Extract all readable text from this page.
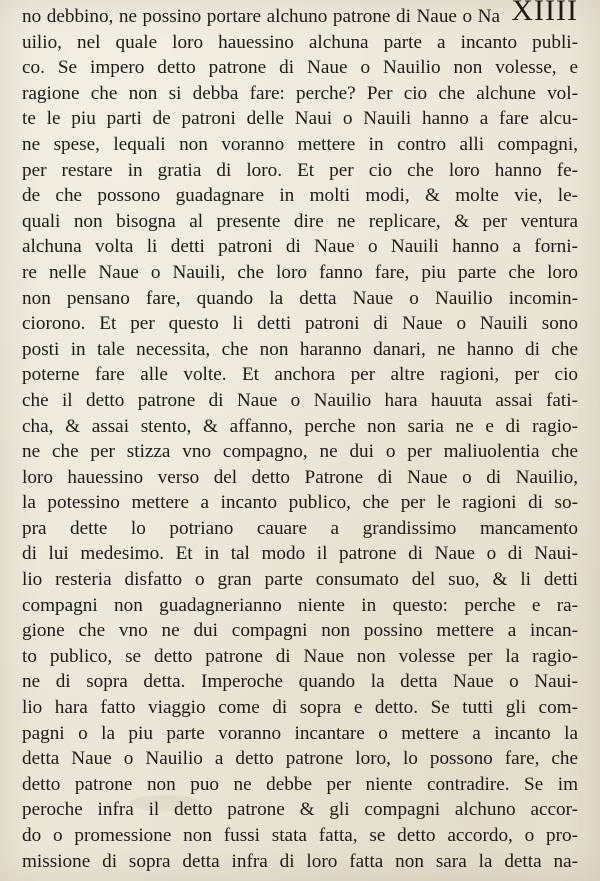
XIIII
no debbino, ne possino portare alchuno patrone di Naue o Na
uilio, nel quale loro hauessino alchuna parte a incanto publi-
co. Se impero detto patrone di Naue o Nauilio non volesse, e
ragione che non si debba fare: perche? Per cio che alchune vol-
te le piu parti de patroni delle Naui o Nauili hanno a fare alcu-
ne spese, lequali non voranno mettere in contro alli compagni,
per restare in gratia di loro. Et per cio che loro hanno fe-
de che possono guadagnare in molti modi, & molte vie, le-
quali non bisogna al presente dire ne replicare, & per ventura
alchuna volta li detti patroni di Naue o Nauili hanno a forni-
re nelle Naue o Nauili, che loro fanno fare, piu parte che loro
non pensano fare, quando la detta Naue o Nauilio incomin-
ciorono. Et per questo li detti patroni di Naue o Nauili sono
posti in tale necessita, che non haranno danari, ne hanno di che
poterne fare alle volte. Et anchora per altre ragioni, per cio
che il detto patrone di Naue o Nauilio hara hauuta assai fati-
cha, & assai stento, & affanno, perche non saria ne e di ragio-
ne che per stizza vno compagno, ne dui o per maliuolentia che
loro hauessino verso del detto Patrone di Naue o di Nauilio,
la potessino mettere a incanto publico, che per le ragioni di so-
pra dette lo potriano cauare a grandissimo mancamento
di lui medesimo. Et in tal modo il patrone di Naue o di Naui-
lio resteria disfatto o gran parte consumato del suo, & li detti
compagni non guadagnerianno niente in questo: perche e ra-
gione che vno ne dui compagni non possino mettere a incan-
to publico, se detto patrone di Naue non volesse per la ragio-
ne di sopra detta. Imperoche quando la detta Naue o Naui-
lio hara fatto viaggio come di sopra e detto. Se tutti gli com-
pagni o la piu parte voranno incantare o mettere a incanto la
detta Naue o Nauilio a detto patrone loro, lo possono fare, che
detto patrone non puo ne debbe per niente contradire. Se im
peroche infra il detto patrone & gli compagni alchuno accor-
do o promessione non fussi stata fatta, se detto accordo, o pro-
missione di sopra detta infra di loro fatta non sara la detta na-
